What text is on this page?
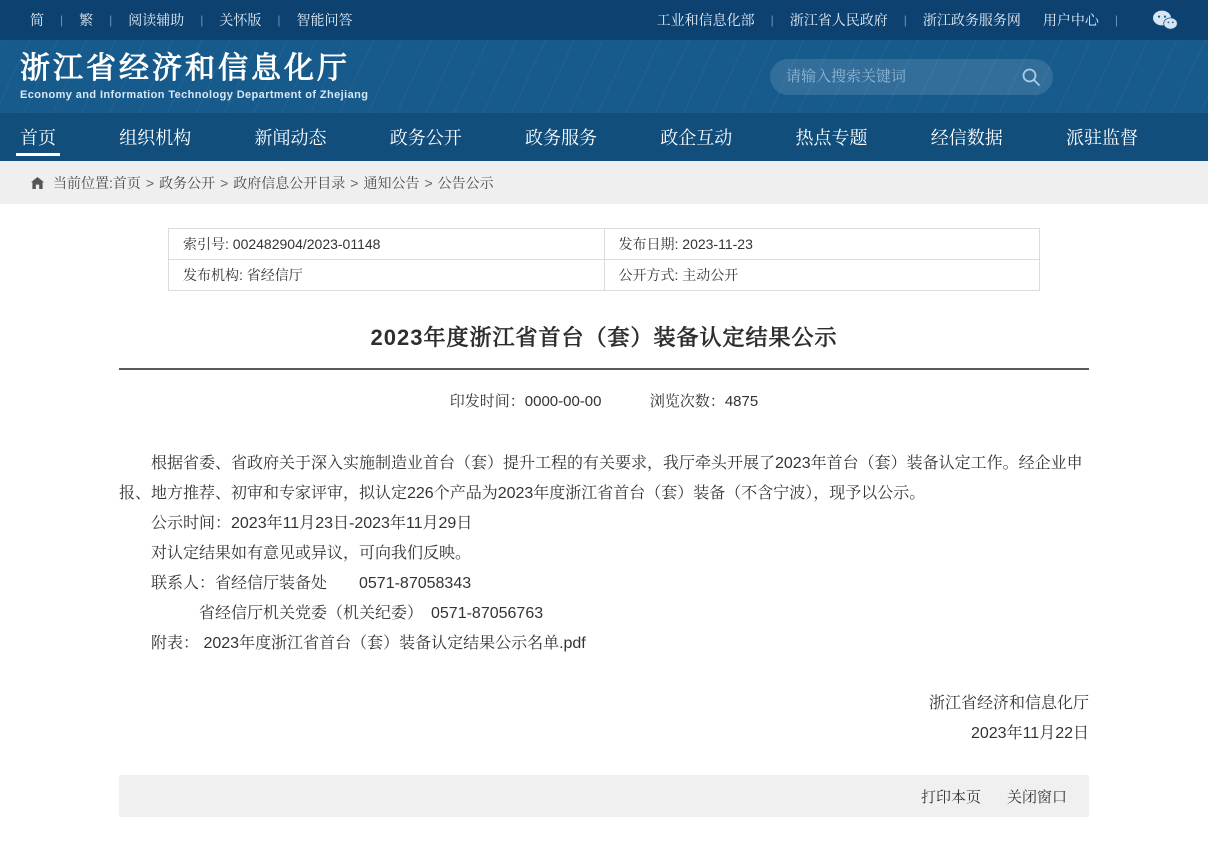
简 | 繁 | 阅读辅助 | 关怀版 | 智能问答	工业和信息化部 | 浙江省人民政府 | 浙江政务服务网 用户中心 |
浙江省经济和信息化厅
Economy and Information Technology Department of Zhejiang
请输入搜索关键词
首页	组织机构	新闻动态	政务公开	政务服务	政企互动	热点专题	经信数据	派驻监督
当前位置: 首页 > 政务公开 > 政府信息公开目录 > 通知公告 > 公告公示
索引号: 002482904/2023-01148	发布日期: 2023-11-23
发布机构: 省经信厅	公开方式: 主动公开
2023年度浙江省首台（套）装备认定结果公示
印发时间：0000-00-00	浏览次数：4875

根据省委、省政府关于深入实施制造业首台（套）提升工程的有关要求，我厅牵头开展了2023年首台（套）装备认定工作。经企业申报、地方推荐、初审和专家评审，拟认定226个产品为2023年度浙江省首台（套）装备（不含宁波），现予以公示。

公示时间：2023年11月23日-2023年11月29日

对认定结果如有意见或异议，可向我们反映。

联系人：省经信厅装备处　　0571-87058343

省经信厅机关党委（机关纪委）　0571-87056763

附表： 2023年度浙江省首台（套）装备认定结果公示名单.pdf

浙江省经济和信息化厅
2023年11月22日
打印本页 关闭窗口
